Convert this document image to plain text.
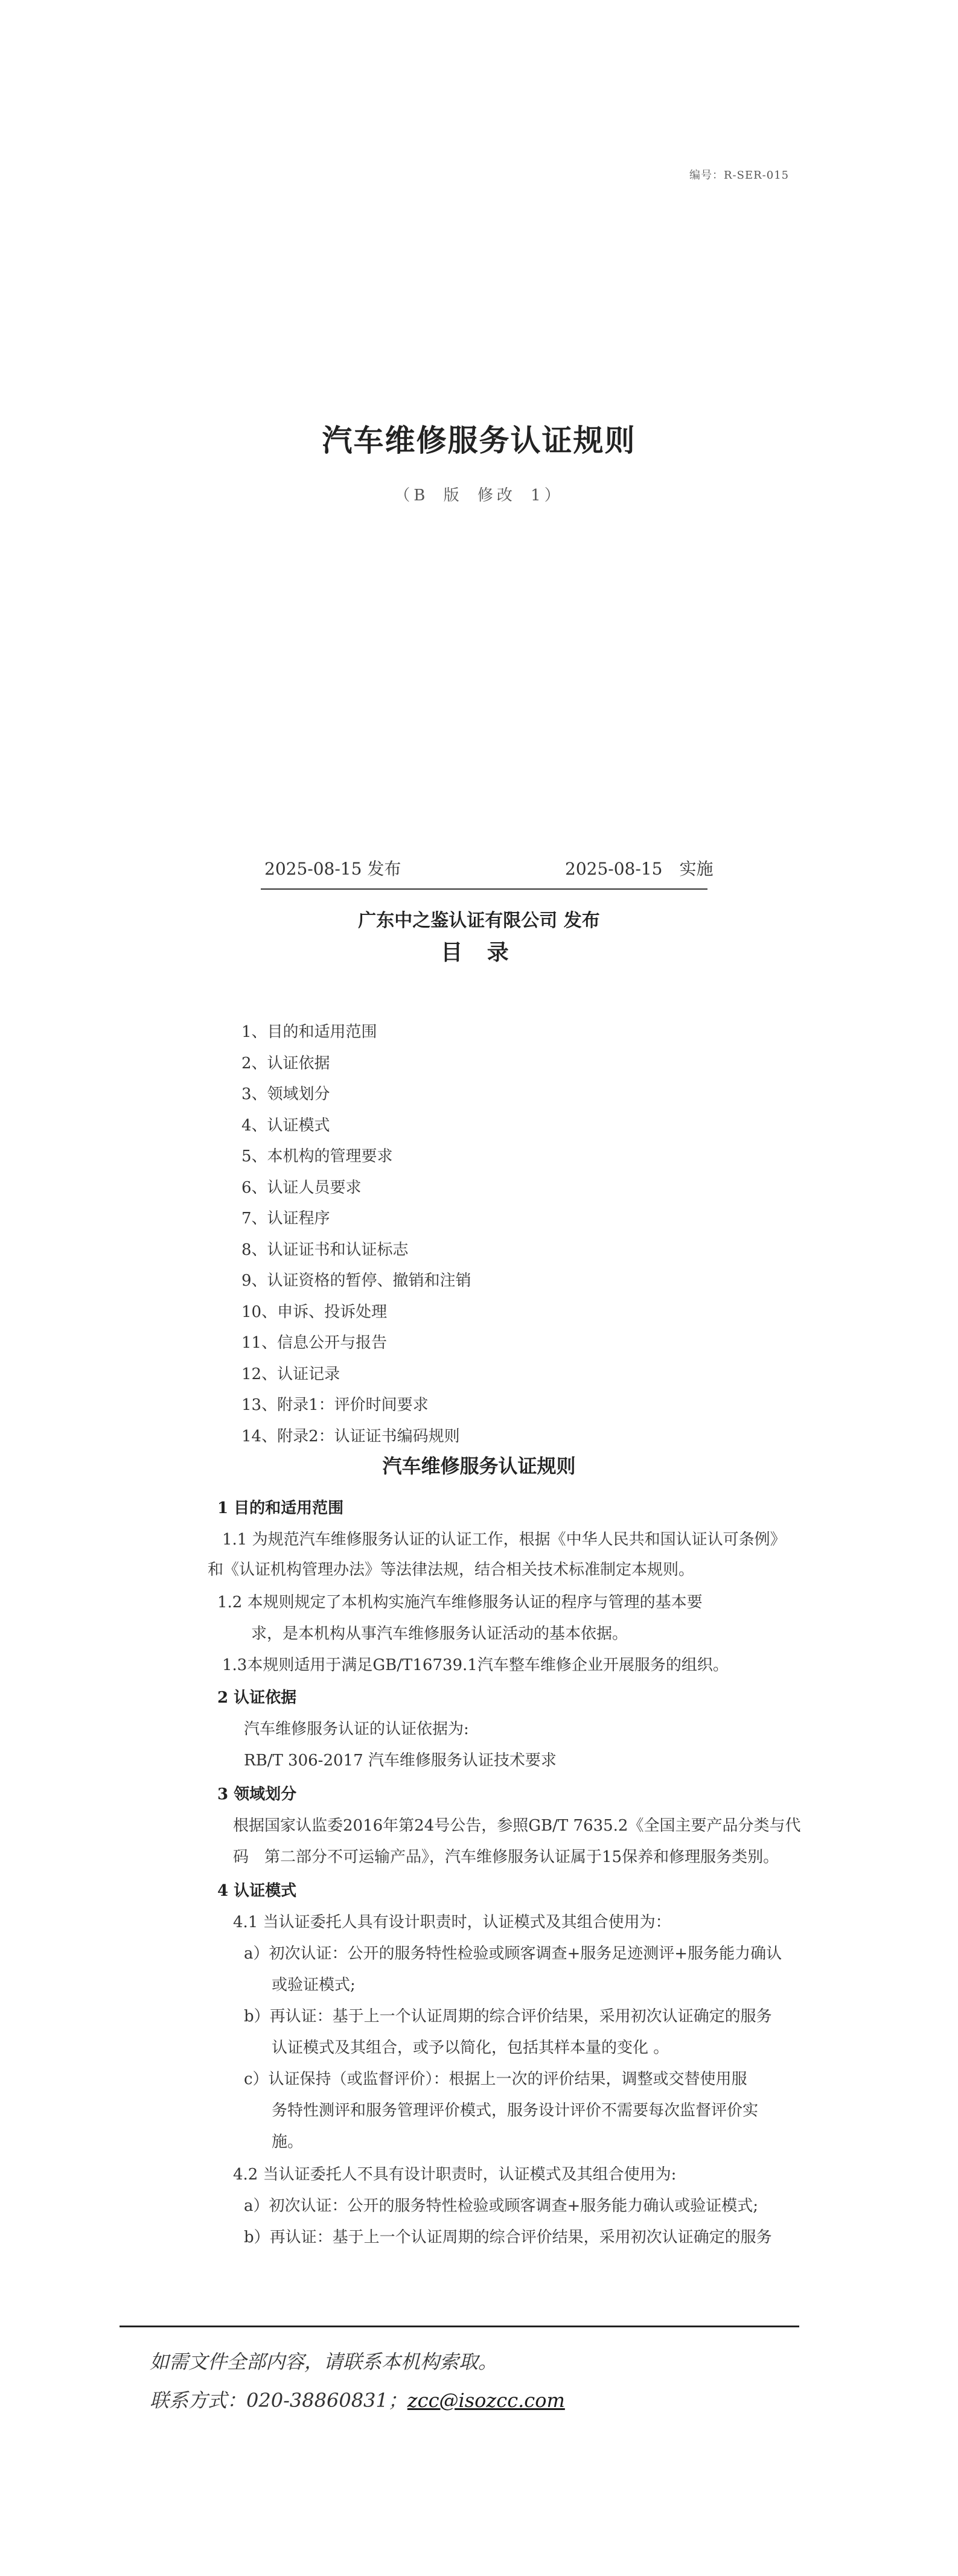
编号：R-SER-015
汽车维修服务认证规则
（B 版 修改 1）
2025-08-15 发布	2025-08-15　实施
广东中之鉴认证有限公司 发布
目 录
1、目的和适用范围
2、认证依据
3、领域划分
4、认证模式
5、本机构的管理要求
6、认证人员要求
7、认证程序
8、认证证书和认证标志
9、认证资格的暂停、撤销和注销
10、申诉、投诉处理
11、信息公开与报告
12、认证记录
13、附录1：评价时间要求
14、附录2：认证证书编码规则
汽车维修服务认证规则
1 目的和适用范围
1.1 为规范汽车维修服务认证的认证工作，根据《中华人民共和国认证认可条例》
和《认证机构管理办法》等法律法规，结合相关技术标准制定本规则。
1.2 本规则规定了本机构实施汽车维修服务认证的程序与管理的基本要
求，是本机构从事汽车维修服务认证活动的基本依据。
1.3本规则适用于满足GB/T16739.1汽车整车维修企业开展服务的组织。
2 认证依据
汽车维修服务认证的认证依据为:
RB/T 306-2017 汽车维修服务认证技术要求
3 领域划分
根据国家认监委2016年第24号公告，参照GB/T 7635.2《全国主要产品分类与代
码　第二部分不可运输产品》，汽车维修服务认证属于15保养和修理服务类别。
4 认证模式
4.1 当认证委托人具有设计职责时，认证模式及其组合使用为：
a）初次认证：公开的服务特性检验或顾客调查+服务足迹测评+服务能力确认
或验证模式;
b）再认证：基于上一个认证周期的综合评价结果，采用初次认证确定的服务
认证模式及其组合，或予以简化，包括其样本量的变化 。
c）认证保持（或监督评价）：根据上一次的评价结果，调整或交替使用服
务特性测评和服务管理评价模式，服务设计评价不需要每次监督评价实
施。
4.2 当认证委托人不具有设计职责时，认证模式及其组合使用为:
a）初次认证：公开的服务特性检验或顾客调查+服务能力确认或验证模式;
b）再认证：基于上一个认证周期的综合评价结果，采用初次认证确定的服务
如需文件全部内容，请联系本机构索取。
联系方式：020-38860831；zcc@isozcc.com
